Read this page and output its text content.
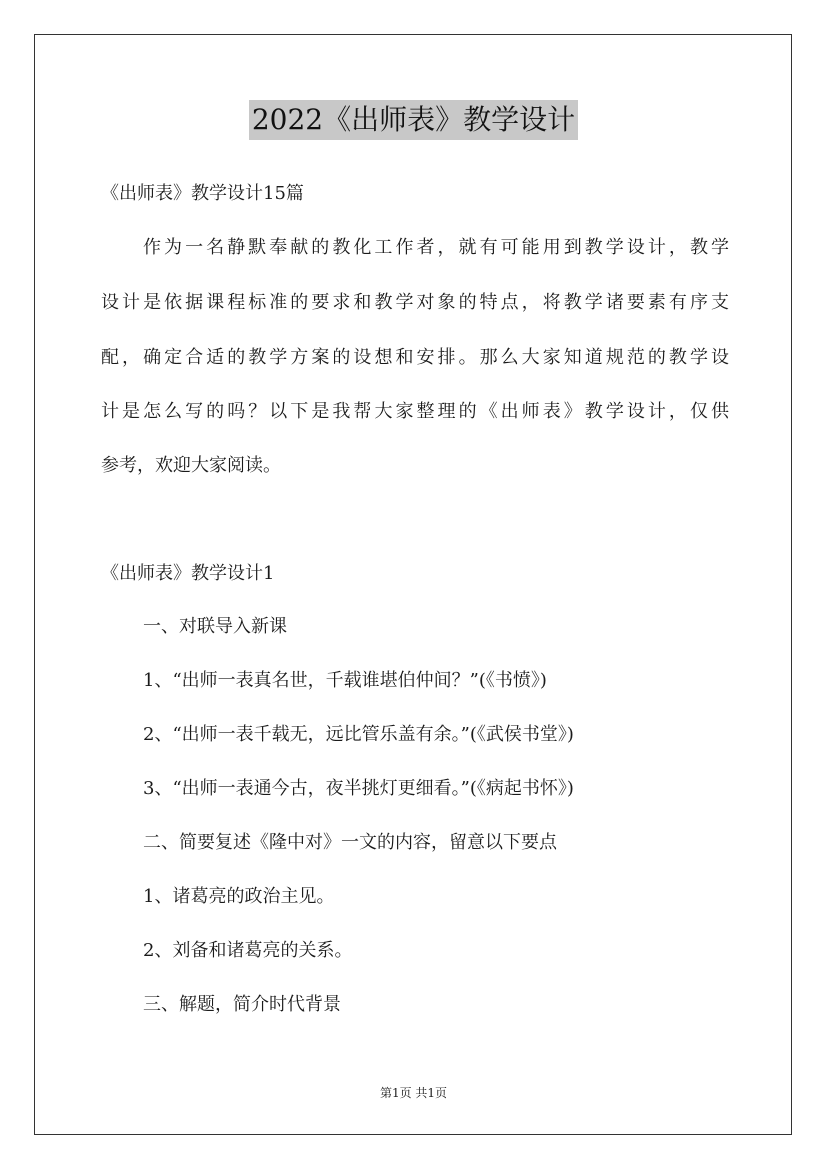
2022《出师表》教学设计
《出师表》教学设计15篇
作为一名静默奉献的教化工作者，就有可能用到教学设计，教学
设计是依据课程标准的要求和教学对象的特点，将教学诸要素有序支
配，确定合适的教学方案的设想和安排。那么大家知道规范的教学设
计是怎么写的吗？以下是我帮大家整理的《出师表》教学设计，仅供
参考，欢迎大家阅读。
《出师表》教学设计1
一、对联导入新课
1、“出师一表真名世，千载谁堪伯仲间？”(《书愤》)
2、“出师一表千载无，远比管乐盖有余。”(《武侯书堂》)
3、“出师一表通今古，夜半挑灯更细看。”(《病起书怀》)
二、简要复述《隆中对》一文的内容，留意以下要点
1、诸葛亮的政治主见。
2、刘备和诸葛亮的关系。
三、解题，简介时代背景
第1页 共1页
